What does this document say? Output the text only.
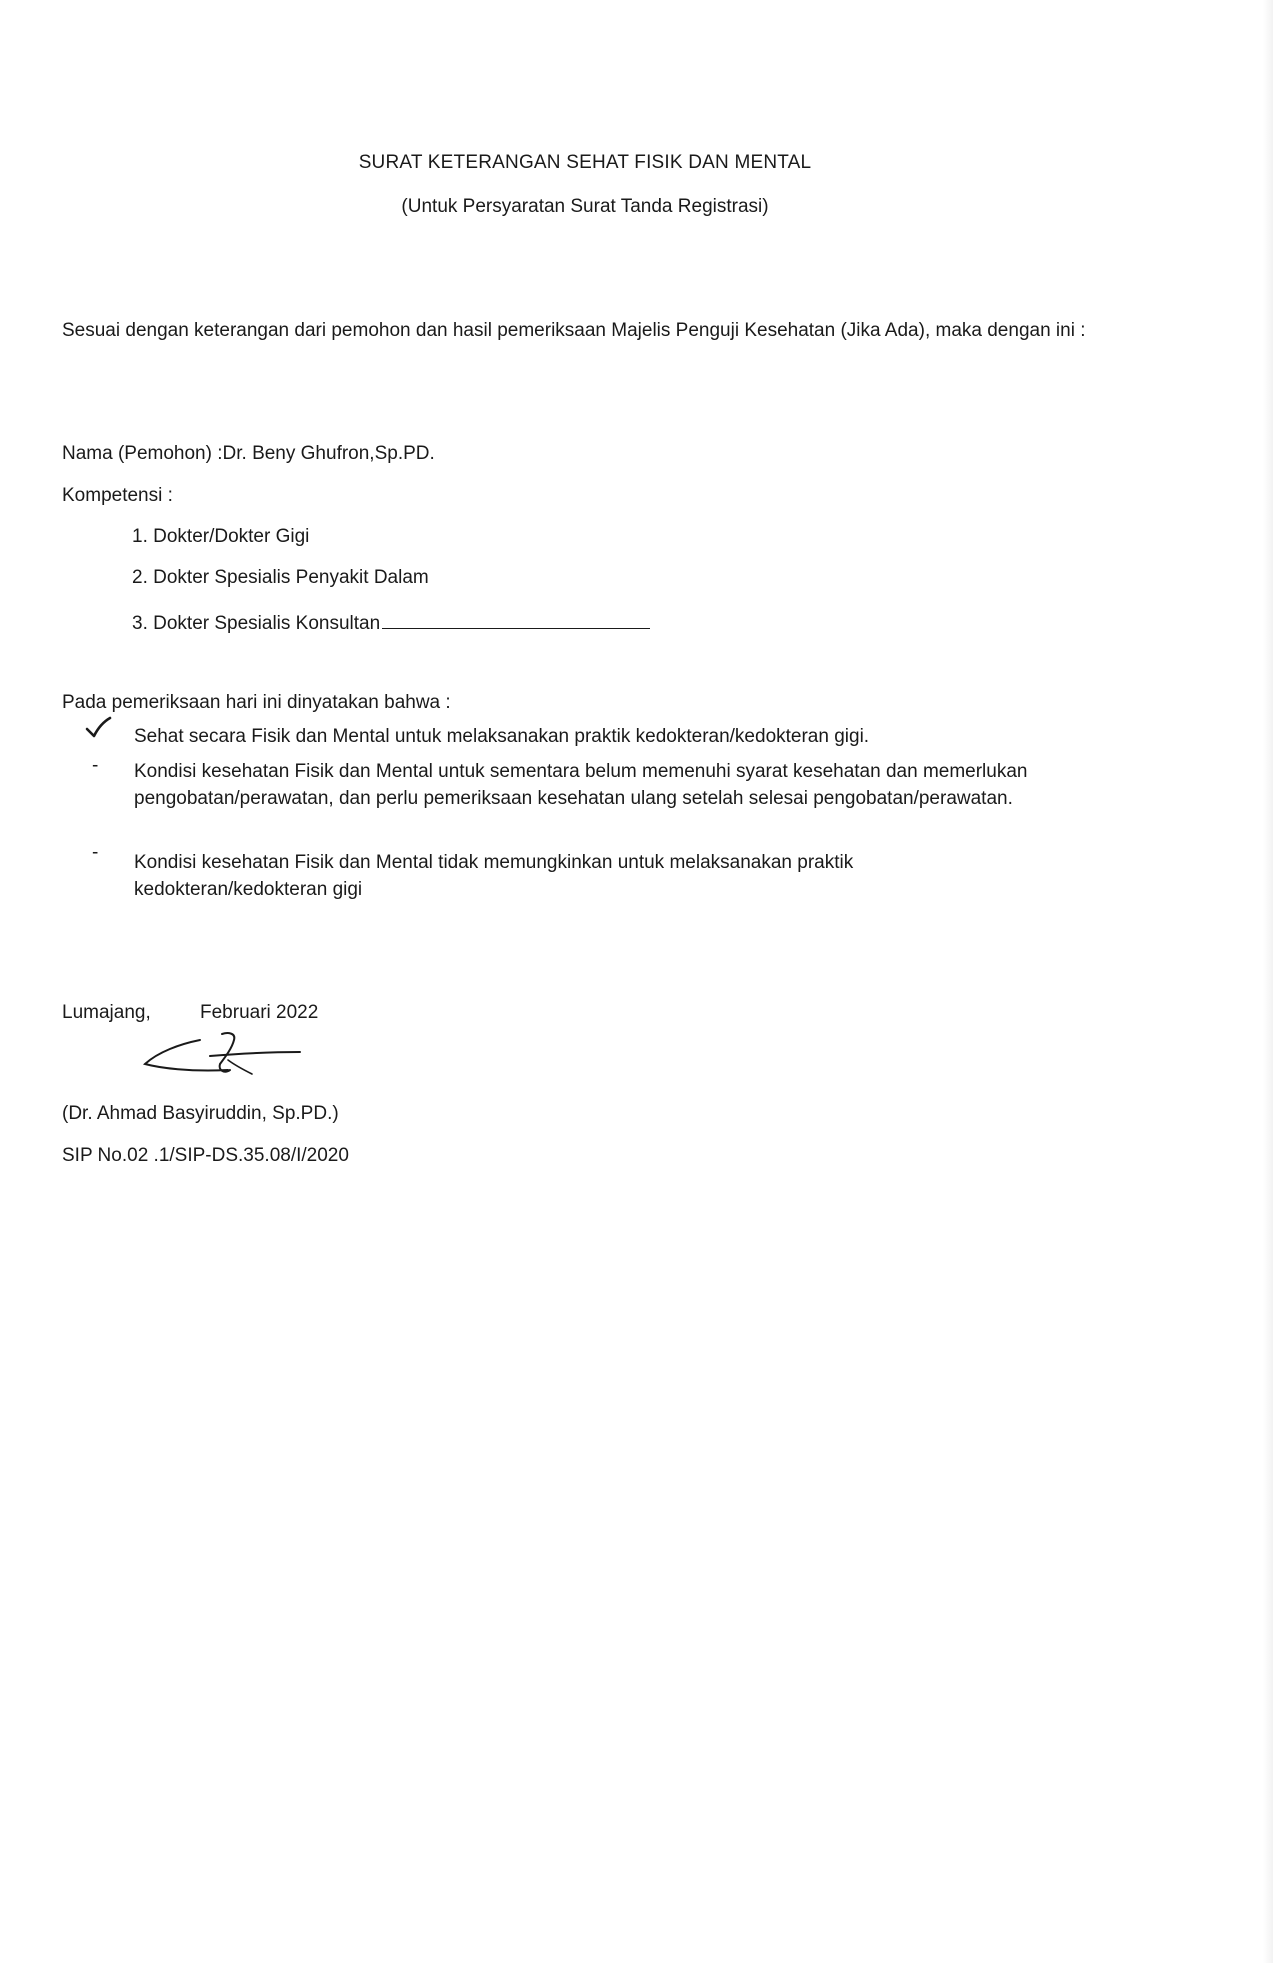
SURAT KETERANGAN SEHAT FISIK DAN MENTAL
(Untuk Persyaratan Surat Tanda Registrasi)
Sesuai dengan keterangan dari pemohon dan hasil pemeriksaan Majelis Penguji Kesehatan (Jika Ada), maka dengan ini :
Nama (Pemohon) :Dr. Beny Ghufron,Sp.PD.
Kompetensi :
1. Dokter/Dokter Gigi
2. Dokter Spesialis Penyakit Dalam
3. Dokter Spesialis Konsultan
Pada pemeriksaan hari ini dinyatakan bahwa :
Sehat secara Fisik dan Mental untuk melaksanakan praktik kedokteran/kedokteran gigi.
- Kondisi kesehatan Fisik dan Mental untuk sementara belum memenuhi syarat kesehatan dan memerlukan pengobatan/perawatan, dan perlu pemeriksaan kesehatan ulang setelah selesai pengobatan/perawatan.
- Kondisi kesehatan Fisik dan Mental tidak memungkinkan untuk melaksanakan praktik kedokteran/kedokteran gigi
Lumajang,	Februari 2022
(Dr. Ahmad Basyiruddin, Sp.PD.)
SIP No.02 .1/SIP-DS.35.08/I/2020
